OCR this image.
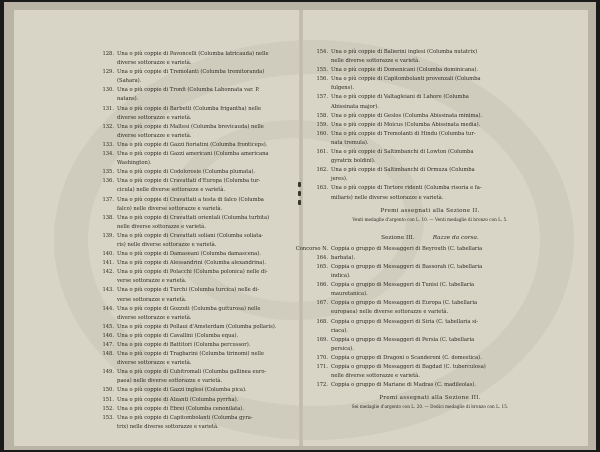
128. Una o più coppie di Pavoncelli (Columba latricauda) nelle
diverse sottorazze e varietà.
129. Una o più coppie di Tremolanti (Columba tremitoranda)
(Sahara).
130. Una o più coppie di Tronfi (Columba Labonnata var. P.
natans).
131. Una o più coppie di Barbetti (Columba frigantha) nelle
diverse sottorazze e varietà.
132. Una o più coppie di Maltesi (Columba brevicauda) nelle
diverse sottorazze e varietà.
133. Una o più coppie di Gazzi fioriatini (Columba fronticeps).
134. Una o più coppie di Gazzi americani (Columba americana
Washington).
135. Una o più coppie di Codolorosie (Columba plumata).
136. Una o più coppie di Cravattati d'Europa (Columba tur-
cicula) nelle diverse sottorazze e varietà.
137. Una o più coppie di Cravattati a testa di falco (Columba
falco) nelle diverse sottorazze e varietà.
138. Una o più coppie di Cravattati orientali (Columba turbita)
nelle diverse sottorazze e varietà.
139. Una o più coppie di Cravattati soliani (Columba soliata-
ris) nelle diverse sottorazze e varietà.
140. Una o più coppie di Damaseani (Columba damascena).
141. Una o più coppie di Alessandrini (Columba alexandrina).
142. Una o più coppie di Polacchi (Columba polonica) nelle di-
verse sottorazze e varietà.
143. Una o più coppie di Turchi (Columba turcica) nelle di-
verse sottorazze e varietà.
144. Una o più coppie di Gozzuti (Columba gutturosa) nelle
diverse sottorazze e varietà.
145. Una o più coppie di Pollaui d'Amsterdam (Columba pollaris).
146. Una o più coppie di Cavallini (Columba equa).
147. Una o più coppie di Battitori (Columba percussor).
148. Una o più coppie di Tragbarini (Columba tirinomi) nelle
diverse sottorazze e varietà.
149. Una o più coppie di Cubitromali (Columba gallinea euro-
paea) nelle diverse sottorazze e varietà.
150. Una o più coppie di Gazzi inglesi (Columba pica).
151. Una o più coppie di Alzanti (Columba pyrrha).
152. Una o più coppie di Ebrei (Columba cenonilata).
153. Una o più coppie di Capitombolanti (Columba gyra-
trix) nelle diverse sottorazze e varietà.
154. Una o più coppie di Balierini inglesi (Columba nutatrix)
nelle diverse sottorazze e varietà.
155. Una o più coppie di Domenicani (Columba dominicana).
156. Una o più coppie di Capitombolanti provenzali (Columba
fulgens).
157. Una o più coppie di Valtagleiani di Lahore (Columba
Abissinata major).
158. Una o più coppie di Geslos (Columba Abissinata minima).
159. Una o più coppie di Moicus (Columba Abissinata media).
160. Una o più coppie di Tremolanti di Hindu (Columba tur-
nata tremula).
161. Una o più coppie di Saltimbanchi di Lowton (Columba
gyratrix boldini).
162. Una o più coppie di Saltimbanchi di Ormuza (Columba
jeres).
163. Una o più coppie di Tortore ridenti (Columba risoria e fa-
miliaris) nelle diverse sottorazze e varietà.
Premi assegnati alla Sezione II.
Venti medaglie d'argento con L. 10. — Venti medaglie di bronzo con L. 5.
Sezione III.	Razze da corsa.
Concorso N. 164.
Coppia o gruppo di Messaggeri di Beyrouth (C. tabellaria
barbata).
165. Coppia o gruppo di Messaggeri di Bassorah (C. tabellaria
indica).
166. Coppia o gruppo di Messaggeri di Tunisi (C. tabellaria
mauretanica).
167. Coppia o gruppo di Messaggeri di Europa (C. tabellaria
europaea) nelle diverse sottorazze e varietà.
168. Coppia o gruppo di Messaggeri di Siria (C. tabellaria si-
riaca).
169. Coppia o gruppo di Messaggeri di Persia (C. tabellaria
persica).
170. Coppia o gruppo di Dragoni o Scanderoni (C. domestica).
171. Coppia o gruppo di Messaggeri di Bagdad (C. tuberculosa)
nelle diverse sottorazze e varietà.
172. Coppia o gruppo di Mariane di Madras (C. madileolas).
Premi assegnati alla Sezione III.
Sei medaglie d'argento con L. 20. — Dodici medaglie di bronzo con L. 15.
